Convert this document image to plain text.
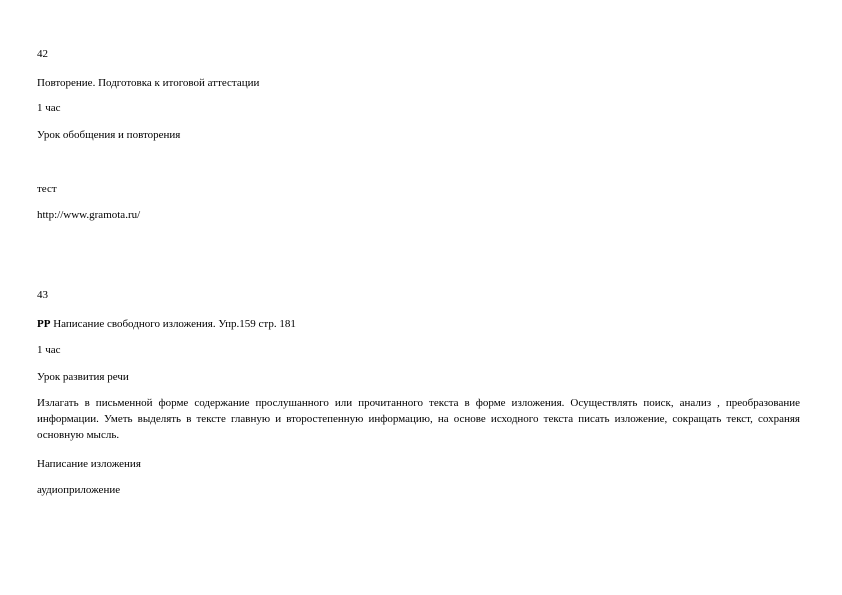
42
Повторение. Подготовка к итоговой аттестации
1 час
Урок обобщения и повторения
тест
http://www.gramota.ru/
43
РР Написание свободного изложения. Упр.159 стр. 181
1 час
Урок развития речи
Излагать в письменной форме содержание прослушанного или прочитанного текста в форме изложения. Осуществлять поиск, анализ , преобразование информации. Уметь выделять в тексте главную и второстепенную информацию, на основе исходного текста писать изложение, сокращать текст, сохраняя основную мысль.
Написание изложения
аудиоприложение
